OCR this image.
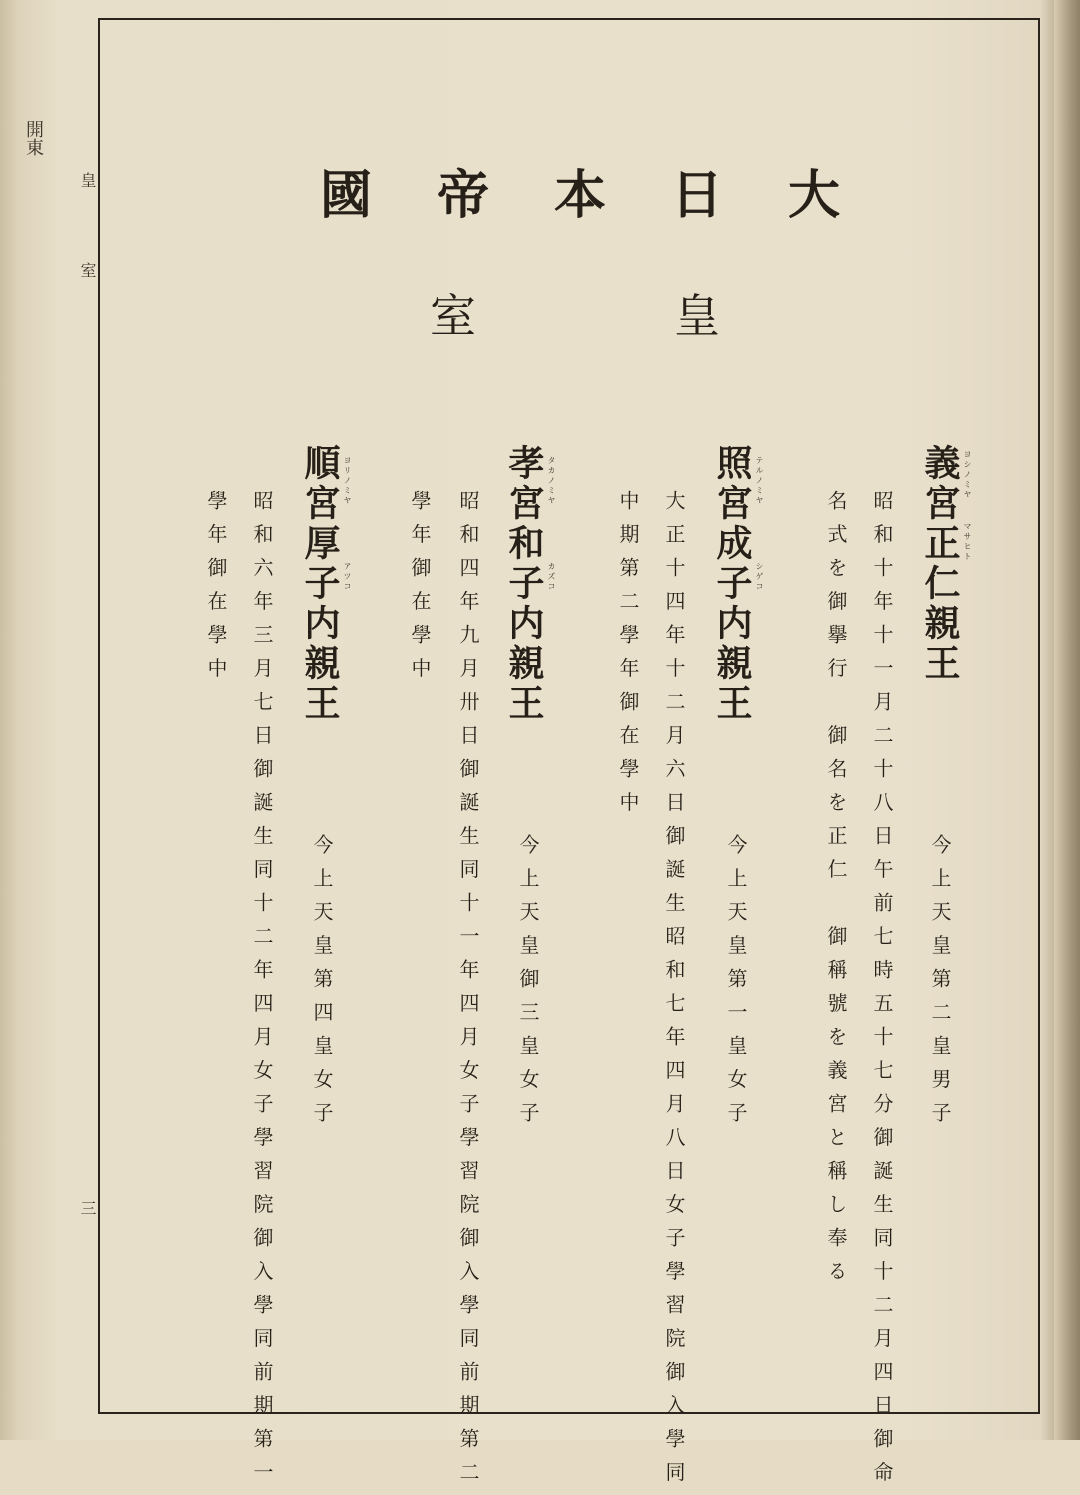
開東
皇
室
三
大
日
本
帝
國
皇
室
義宮正仁親王 ヨシノミヤ
マサヒト
今上天皇第二皇男子
昭和十年十一月二十八日午前七時五十七分御誕生同十二月四日御命
名式を御擧行　御名を正仁　御稱號を義宮と稱し奉る
照宮成子内親王 テルノミヤ
シゲコ
今上天皇第一皇女子
大正十四年十二月六日御誕生昭和七年四月八日女子學習院御入學同
中期第二學年御在學中
孝宮和子内親王 タカノミヤ
カズコ
今上天皇御三皇女子
昭和四年九月卅日御誕生同十一年四月女子學習院御入學同前期第二
學年御在學中
順宮厚子内親王 ヨリノミヤ
アツコ
今上天皇第四皇女子
昭和六年三月七日御誕生同十二年四月女子學習院御入學同前期第一
學年御在學中
